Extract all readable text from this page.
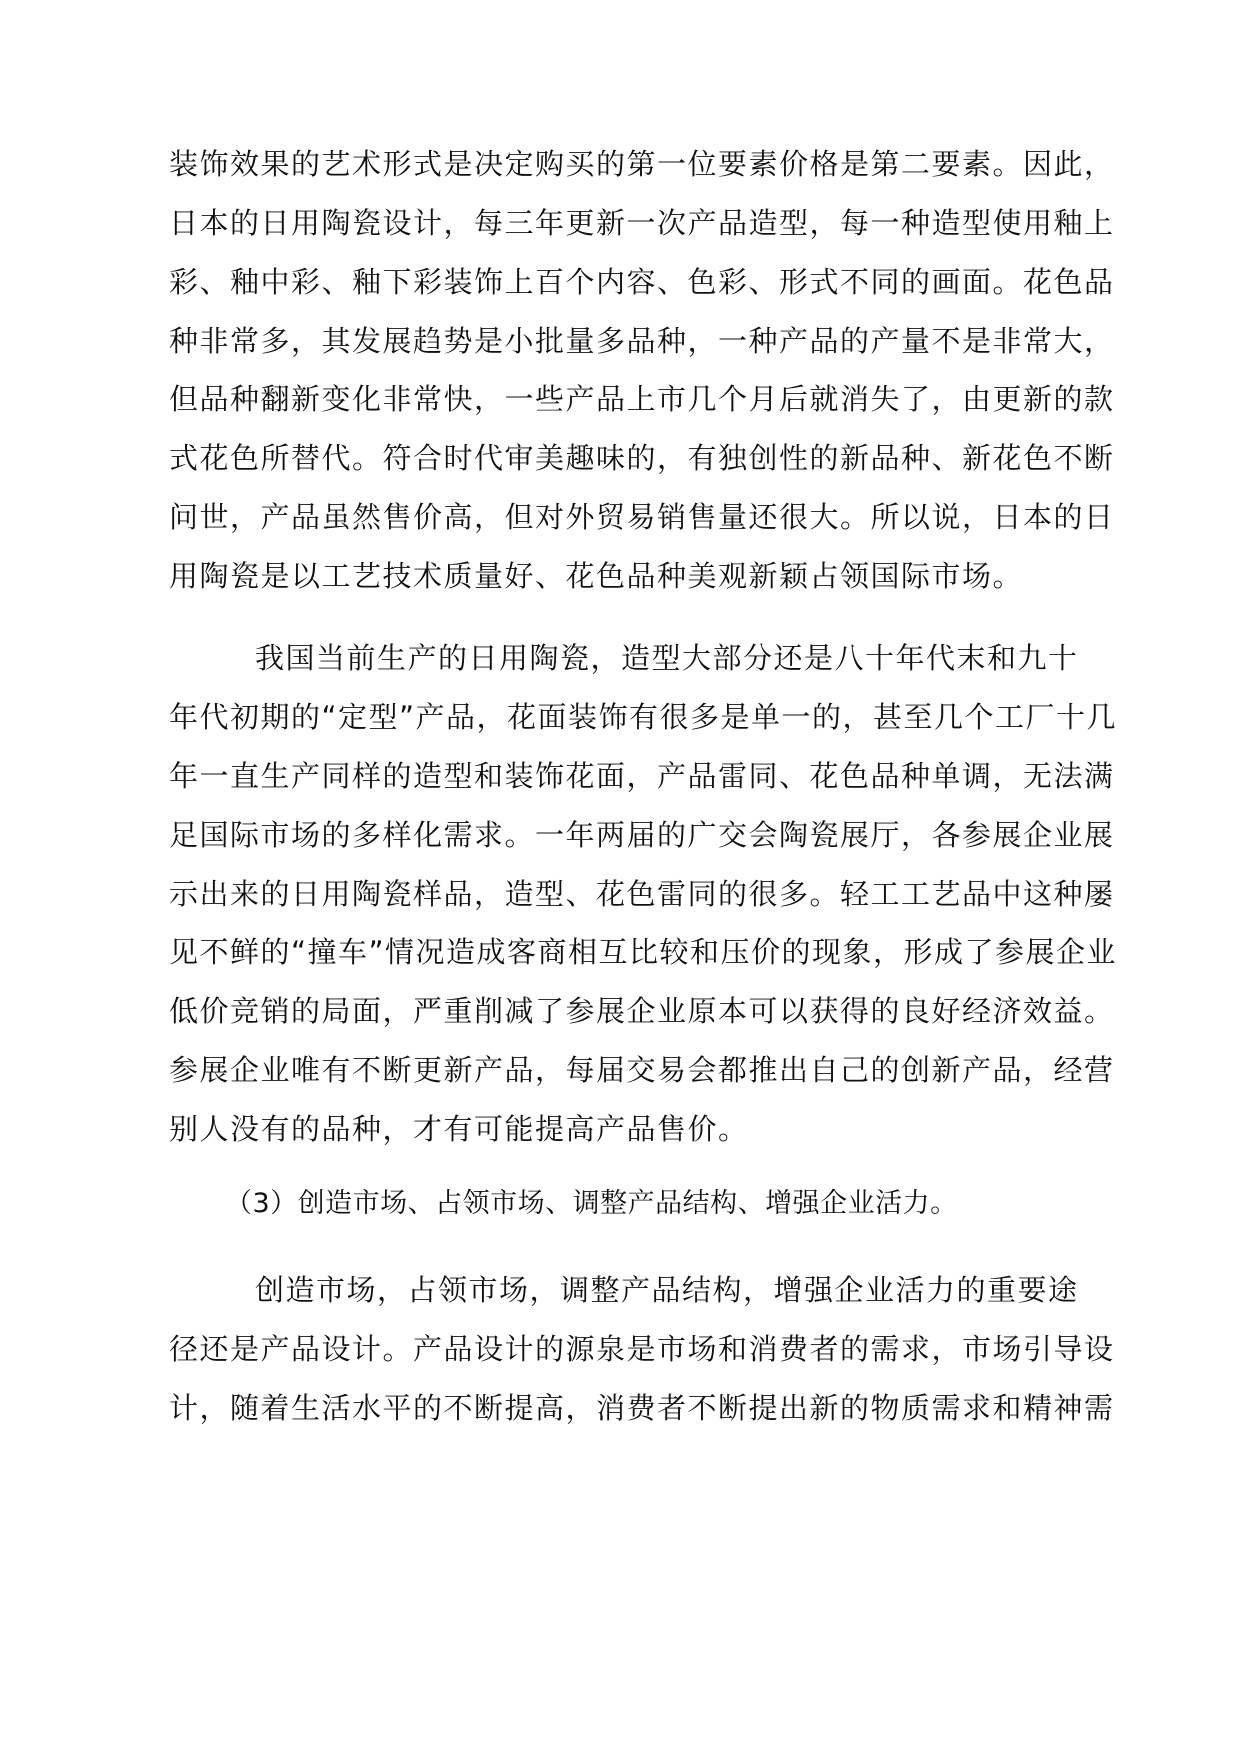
装饰效果的艺术形式是决定购买的第一位要素价格是第二要素。因此，
日本的日用陶瓷设计，每三年更新一次产品造型，每一种造型使用釉上
彩、釉中彩、釉下彩装饰上百个内容、色彩、形式不同的画面。花色品
种非常多，其发展趋势是小批量多品种，一种产品的产量不是非常大，
但品种翻新变化非常快，一些产品上市几个月后就消失了，由更新的款
式花色所替代。符合时代审美趣味的，有独创性的新品种、新花色不断
问世，产品虽然售价高，但对外贸易销售量还很大。所以说，日本的日
用陶瓷是以工艺技术质量好、花色品种美观新颖占领国际市场。
我国当前生产的日用陶瓷，造型大部分还是八十年代末和九十
年代初期的“定型”产品，花面装饰有很多是单一的，甚至几个工厂十几
年一直生产同样的造型和装饰花面，产品雷同、花色品种单调，无法满
足国际市场的多样化需求。一年两届的广交会陶瓷展厅，各参展企业展
示出来的日用陶瓷样品，造型、花色雷同的很多。轻工工艺品中这种屡
见不鲜的“撞车”情况造成客商相互比较和压价的现象，形成了参展企业
低价竞销的局面，严重削减了参展企业原本可以获得的良好经济效益。
参展企业唯有不断更新产品，每届交易会都推出自己的创新产品，经营
别人没有的品种，才有可能提高产品售价。
（3）创造市场、占领市场、调整产品结构、增强企业活力。
创造市场，占领市场，调整产品结构，增强企业活力的重要途
径还是产品设计。产品设计的源泉是市场和消费者的需求，市场引导设
计，随着生活水平的不断提高，消费者不断提出新的物质需求和精神需
